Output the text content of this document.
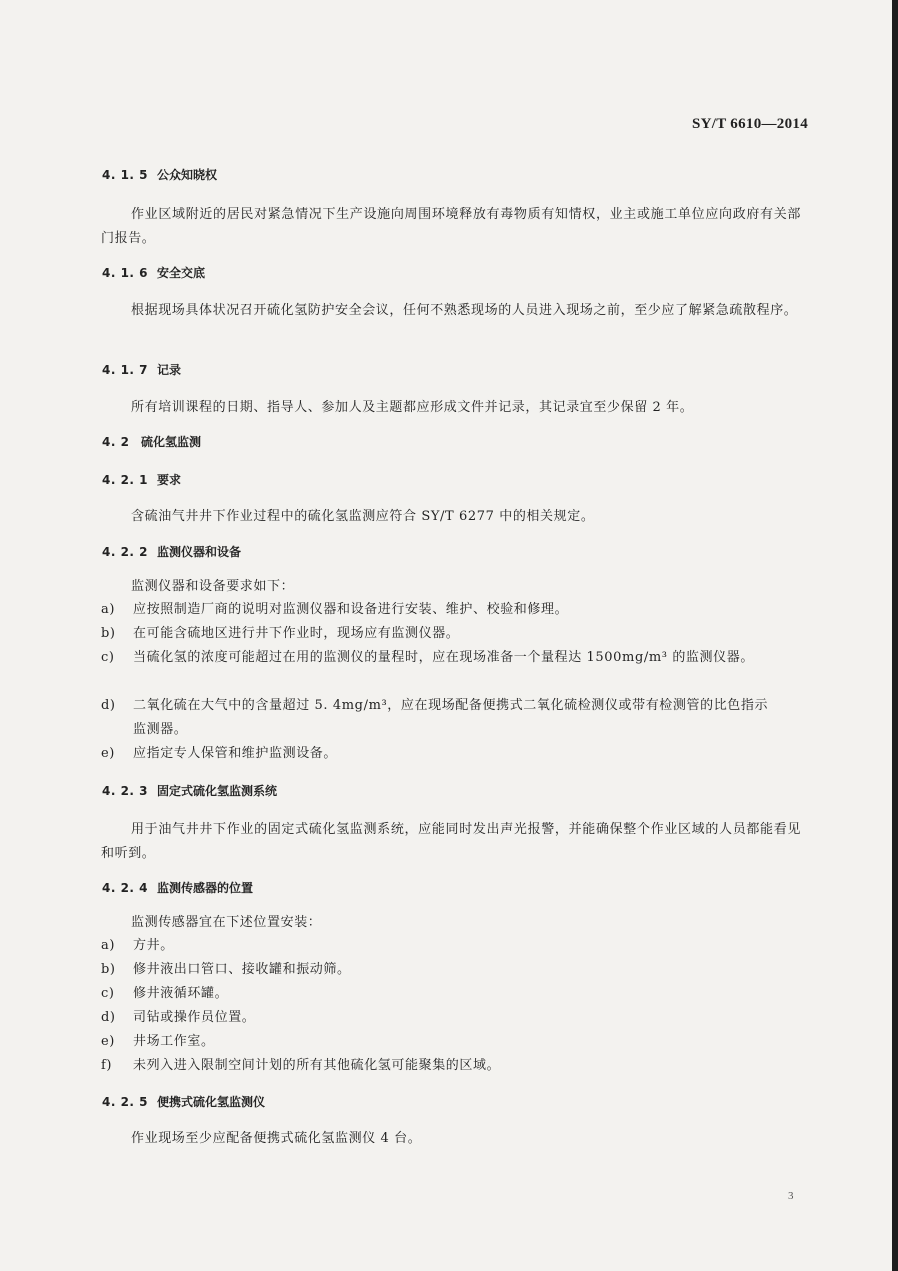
SY/T 6610—2014
4. 1. 5 公众知晓权

作业区域附近的居民对紧急情况下生产设施向周围环境释放有毒物质有知情权，业主或施工单位应向政府有关部门报告。

4. 1. 6 安全交底

根据现场具体状况召开硫化氢防护安全会议，任何不熟悉现场的人员进入现场之前，至少应了解紧急疏散程序。

4. 1. 7 记录

所有培训课程的日期、指导人、参加人及主题都应形成文件并记录，其记录宜至少保留 2 年。

4. 2 硫化氢监测
4. 2. 1 要求

含硫油气井井下作业过程中的硫化氢监测应符合 SY/T 6277 中的相关规定。

4. 2. 2 监测仪器和设备
监测仪器和设备要求如下：
a) 应按照制造厂商的说明对监测仪器和设备进行安装、维护、校验和修理。
b) 在可能含硫地区进行井下作业时，现场应有监测仪器。
c) 当硫化氢的浓度可能超过在用的监测仪的量程时，应在现场准备一个量程达 1500mg/m³ 的监测仪器。
d) 二氧化硫在大气中的含量超过 5. 4mg/m³，应在现场配备便携式二氧化硫检测仪或带有检测管的比色指示监测器。
e) 应指定专人保管和维护监测设备。
4. 2. 3 固定式硫化氢监测系统

用于油气井井下作业的固定式硫化氢监测系统，应能同时发出声光报警，并能确保整个作业区域的人员都能看见和听到。

4. 2. 4 监测传感器的位置
监测传感器宜在下述位置安装：
a) 方井。
b) 修井液出口管口、接收罐和振动筛。
c) 修井液循环罐。
d) 司钻或操作员位置。
e) 井场工作室。
f) 未列入进入限制空间计划的所有其他硫化氢可能聚集的区域。
4. 2. 5 便携式硫化氢监测仪

作业现场至少应配备便携式硫化氢监测仪 4 台。

3
